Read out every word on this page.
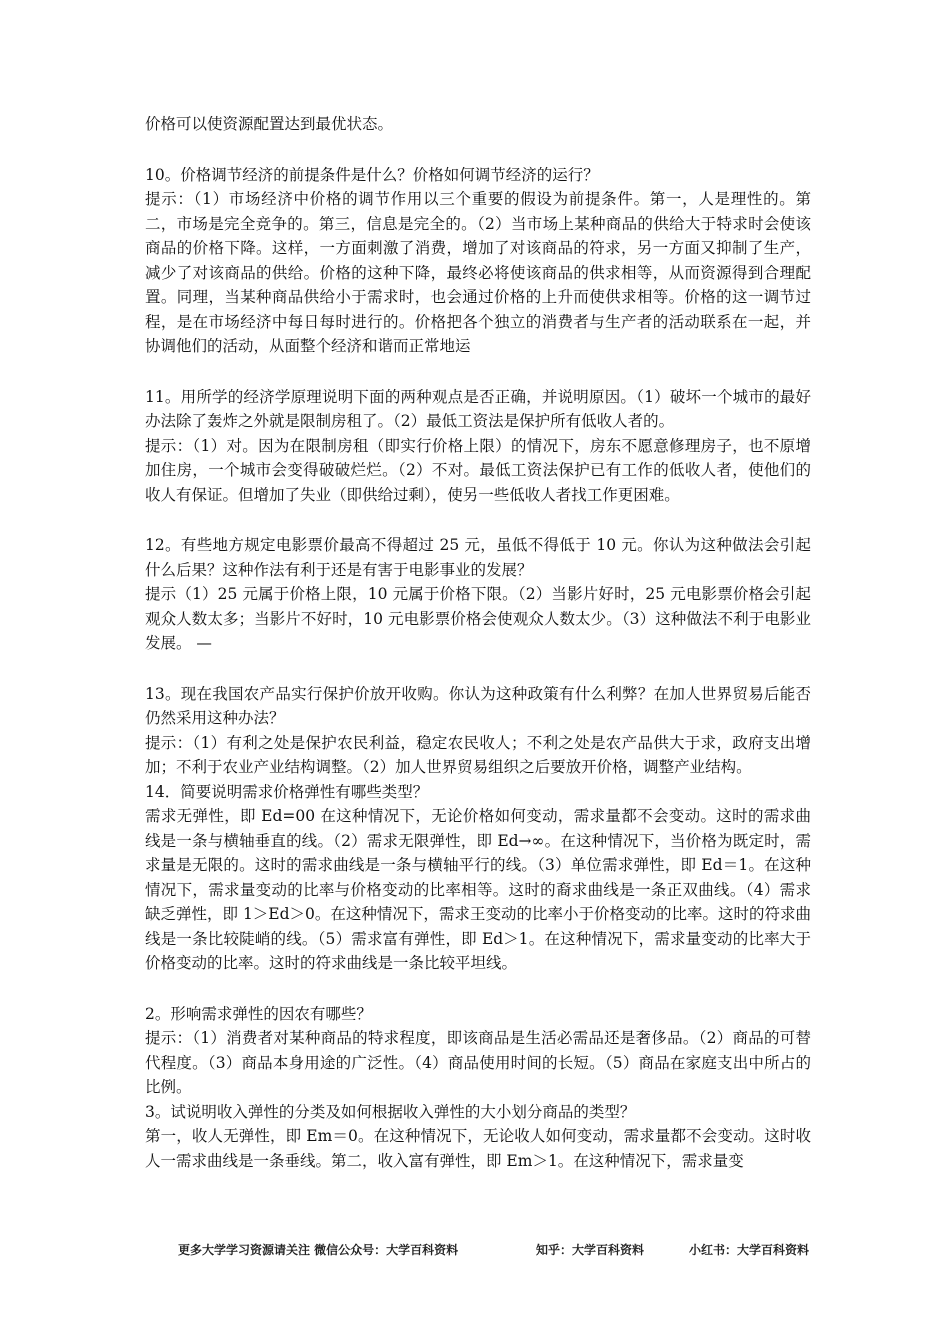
价格可以使资源配置达到最优状态。

10。价格调节经济的前提条件是什么？价格如何调节经济的运行？

提示：（1）市场经济中价格的调节作用以三个重要的假设为前提条件。第一，人是理性的。第二，市场是完全竞争的。第三，信息是完全的。（2）当市场上某种商品的供给大于特求时会使该商品的价格下降。这样，一方面刺激了消费，增加了对该商品的符求，另一方面又抑制了生产，减少了对该商品的供给。价格的这种下降，最终必将使该商品的供求相等，从而资源得到合理配置。同理，当某种商品供给小于需求时，也会通过价格的上升而使供求相等。价格的这一调节过程，是在市场经济中每日每时进行的。价格把各个独立的消费者与生产者的活动联系在一起，并协调他们的活动，从面整个经济和谐而正常地运

11。用所学的经济学原理说明下面的两种观点是否正确，并说明原因。（1）破坏一个城市的最好办法除了轰炸之外就是限制房租了。（2）最低工资法是保护所有低收人者的。

提示：（1）对。因为在限制房租（即实行价格上限）的情况下，房东不愿意修理房子，也不原增加住房，一个城市会变得破破烂烂。（2）不对。最低工资法保护已有工作的低收人者，使他们的收人有保证。但增加了失业（即供给过剩），使另一些低收人者找工作更困难。

12。有些地方规定电影票价最高不得超过 25 元，虽低不得低于 10 元。你认为这种做法会引起什么后果？这种作法有利于还是有害于电影事业的发展？

提示（1）25 元属于价格上限，10 元属于价格下限。（2）当影片好时，25 元电影票价格会引起观众人数太多；当影片不好时，10 元电影票价格会使观众人数太少。（3）这种做法不利于电影业发展。 —

13。现在我国农产品实行保护价放开收购。你认为这种政策有什么利弊？在加人世界贸易后能否仍然采用这种办法？

提示：（1）有利之处是保护农民利益，稳定农民收人；不利之处是农产品供大于求，政府支出增加；不利于农业产业结构调整。（2）加人世界贸易组织之后要放开价格，调整产业结构。

14．简要说明需求价格弹性有哪些类型？

需求无弹性，即 Ed=00 在这种情况下，无论价格如何变动，需求量都不会变动。这时的需求曲线是一条与横轴垂直的线。（2）需求无限弹性，即 Ed→∞。在这种情况下，当价格为既定时，需求量是无限的。这时的需求曲线是一条与横轴平行的线。（3）单位需求弹性，即 Ed＝1。在这种情况下，需求量变动的比率与价格变动的比率相等。这时的裔求曲线是一条正双曲线。（4）需求缺乏弹性，即 1＞Ed＞0。在这种情况下，需求王变动的比率小于价格变动的比率。这时的符求曲线是一条比较陡峭的线。（5）需求富有弹性，即 Ed＞1。在这种情况下，需求量变动的比率大于价格变动的比率。这时的符求曲线是一条比较平坦线。

2。形响需求弹性的因农有哪些？

提示：（1）消费者对某种商品的特求程度，即该商品是生活必需品还是奢侈品。（2）商品的可替代程度。（3）商品本身用途的广泛性。（4）商品使用时间的长短。（5）商品在家庭支出中所占的比例。

3。试说明收入弹性的分类及如何根据收入弹性的大小划分商品的类型？

第一，收人无弹性，即 Em＝0。在这种情况下，无论收人如何变动，需求量都不会变动。这时收人一需求曲线是一条垂线。第二，收入富有弹性，即 Em＞1。在这种情况下，需求量变

更多大学学习资源请关注 微信公众号：大学百科资料	知乎：大学百科资料	小红书：大学百科资料
